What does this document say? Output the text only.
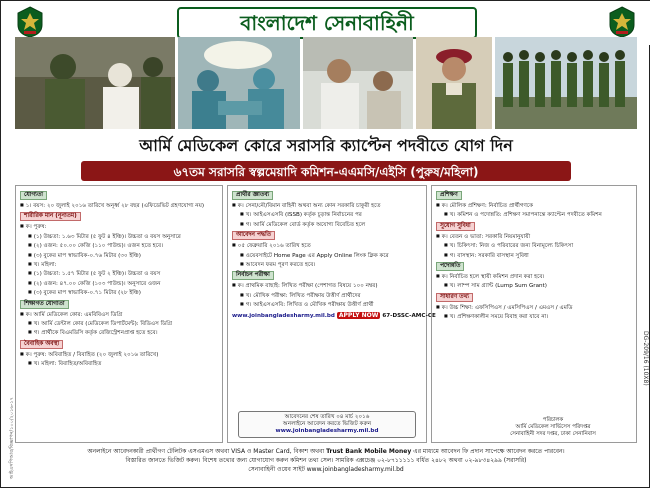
বাংলাদেশ সেনাবাহিনী
আর্মি মেডিকেল কোরে সরাসরি ক্যাপ্টেন পদবীতে যোগ দিন
৬৭তম সরাসরি স্বল্পমেয়াদি কমিশন-এএমসি/এইসি (পুরুষ/মহিলা)
যোগ্যতা
■ ১। বয়স: ২০ জুলাই ২০১৬ তারিখে অনূর্ধ্ব ২৮ বছর (এফিডেভিট গ্রহণযোগ্য নয়)
শারীরিক মান (নূন্যতম)
■ ক। পুরুষ:
■ (১) উচ্চতা: ১.৬৩ মিটার (৫ ফুট ৪ ইঞ্চি)। উচ্চতা ও বয়স অনুসারে
■ (২) ওজন: ৫০.০০ কেজি (১১০ পাউন্ড)। ওজন হতে হবে।
■ (৩) বুকের মাপ স্বাভাবিক-০.৭৬ মিটার (৩০ ইঞ্চি)
■ খ। মহিলা:
■ (১) উচ্চতা: ১.৫৭ মিটার (৫ ফুট ২ ইঞ্চি)। উচ্চতা ও বয়স
■ (২) ওজন: ৪৭.০০ কেজি (১০৩ পাউন্ড)। অনুসারে ওজন
■ (৩) বুকের মাপ স্বাভাবিক-০.৭১ মিটার (২৮ ইঞ্চি)
শিক্ষাগত যোগ্যতা
■ ক। আর্মি মেডিকেল কোর: এমবিবিএস ডিগ্রি
■ খ। আর্মি ডেন্টাল কোর (মেডিকেল ডিপার্টমেন্ট): বিডিএস ডিগ্রি
■ গ। প্রার্থীকে বিএমডিসি কর্তৃক রেজিস্ট্রেশনপ্রাপ্ত হতে হবে।
বৈবাহিক অবস্থা
■ ক। পুরুষ: অবিবাহিত / বিবাহিত (২০ জুলাই ২০১৬ তারিখে)
■ খ। মহিলা: বিবাহিত/অবিবাহিত
প্রার্থীর জ্ঞাতব্য
■ ক। সেনা/নৌ/বিমান বাহিনী অথবা অন্য কোন সরকারি চাকুরী হতে
■ খ। আইএসএসবি (ISSB) কর্তৃক চূড়ান্ত নির্বাচনের পর
■ গ। আর্মি মেডিকেল বোর্ড কর্তৃক অযোগ্য বিবেচিত হলে
আবেদন পদ্ধতি
■ ০৫ ফেব্রুয়ারি ২০১৬ তারিখ হতে
■ ওয়েবসাইটে Home Page এর Apply Online লিংক ক্লিক করে
■ আবেদন ফরম পূরণ করতে হবে।
নির্বাচন পরীক্ষা
■ ক। প্রাথমিক বাছাই: লিখিত পরীক্ষা (পেশাগত বিষয়ে ১০০ নম্বর)
■ খ। মৌখিক পরীক্ষা: লিখিত পরীক্ষায় উত্তীর্ণ প্রার্থীদের
■ গ। আইএসএসবি: লিখিত ও মৌখিক পরীক্ষায় উত্তীর্ণ প্রার্থী
www.joinbangladesharmy.mil.bd APPLY NOW 67-DSSC-AMC-CE
আবেদনের শেষ তারিখ ০৪ মার্চ ২০১৬
অনলাইনে আবেদন করতে ভিজিট করুন
www.joinbangladesharmy.mil.bd
প্রশিক্ষণ
■ ক। মৌলিক প্রশিক্ষণ: নির্বাচিত প্রার্থীগণকে
■ খ। কমিশন ও পদোন্নতি: প্রশিক্ষণ সমাপনান্তে ক্যাপ্টেন পদবীতে কমিশন
সুযোগ সুবিধা
■ ক। বেতন ও ভাতা: সরকারি নিয়মানুযায়ী
■ খ। চিকিৎসা: নিজ ও পরিবারের জন্য বিনামূল্যে চিকিৎসা
■ গ। বাসস্থান: সরকারি বাসস্থান সুবিধা
পদোন্নতি
■ ক। নির্বাচিত হলে স্থায়ী কমিশন প্রদান করা হবে।
■ খ। লাম্প সাম গ্র্যান্ট (Lump Sum Grant)
সাধারণ তথ্য
■ ক। উচ্চ শিক্ষা: এফসিপিএস / এমসিপিএস / এমএস / এমডি
■ খ। প্রশিক্ষণকালীন সময়ে বিবাহ করা যাবে না।
পরিচালক
আর্মি মেডিকেল সার্ভিসেস পরিদপ্তর
সেনাবাহিনী সদর দপ্তর, ঢাকা সেনানিবাস
অনলাইনে আবেদনকারী প্রার্থীগণ টেলিটক এসএমএস অথবা VISA ও Master Card, বিকাশ অথবা Trust Bank Mobile Money এর মাধ্যমে আবেদন ফি প্রদান সাপেক্ষে আবেদন করতে পারবেন।
বিস্তারিত জানতে ভিজিট করুন। বিশেষ তথ্যের জন্য যোগাযোগ করুন কমিশন তথ্য সেল। সামরিক এক্সচেঞ্জ ০২-৮৭১১১১১ বর্ধিত ২৪৮২ অথবা ০২-৯৮৩৪২৯৯ (সরাসরি)
সেনাবাহিনী ওয়েব সাইট www.joinbangladesharmy.mil.bd
DG-209/16 (10X8)
আইএসপিআর/বিজ্ঞাপন/১০০/২০১৬-১৭
